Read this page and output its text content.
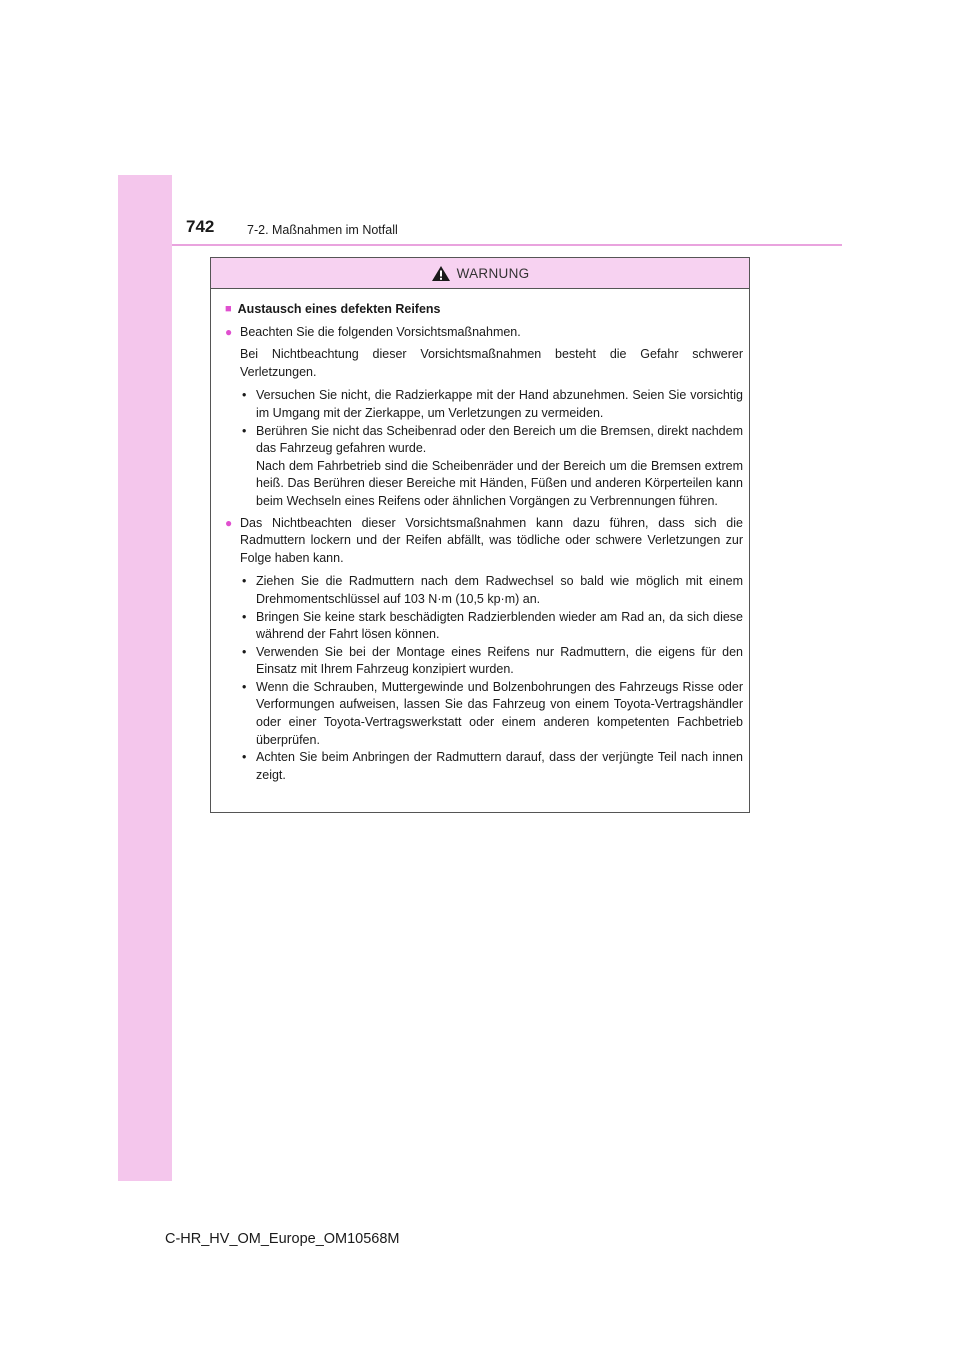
742	7-2. Maßnahmen im Notfall
WARNUNG
■ Austausch eines defekten Reifens
● Beachten Sie die folgenden Vorsichtsmaßnahmen.
Bei Nichtbeachtung dieser Vorsichtsmaßnahmen besteht die Gefahr schwerer Verletzungen.
• Versuchen Sie nicht, die Radzierkappe mit der Hand abzunehmen. Seien Sie vorsichtig im Umgang mit der Zierkappe, um Verletzungen zu vermeiden.
• Berühren Sie nicht das Scheibenrad oder den Bereich um die Bremsen, direkt nachdem das Fahrzeug gefahren wurde.
Nach dem Fahrbetrieb sind die Scheibenräder und der Bereich um die Bremsen extrem heiß. Das Berühren dieser Bereiche mit Händen, Füßen und anderen Körperteilen kann beim Wechseln eines Reifens oder ähnlichen Vorgängen zu Verbrennungen führen.
● Das Nichtbeachten dieser Vorsichtsmaßnahmen kann dazu führen, dass sich die Radmuttern lockern und der Reifen abfällt, was tödliche oder schwere Verletzungen zur Folge haben kann.
• Ziehen Sie die Radmuttern nach dem Radwechsel so bald wie möglich mit einem Drehmomentschlüssel auf 103 N·m (10,5 kp·m) an.
• Bringen Sie keine stark beschädigten Radzierblenden wieder am Rad an, da sich diese während der Fahrt lösen können.
• Verwenden Sie bei der Montage eines Reifens nur Radmuttern, die eigens für den Einsatz mit Ihrem Fahrzeug konzipiert wurden.
• Wenn die Schrauben, Muttergewinde und Bolzenbohrungen des Fahrzeugs Risse oder Verformungen aufweisen, lassen Sie das Fahrzeug von einem Toyota-Vertragshändler oder einer Toyota-Vertragswerkstatt oder einem anderen kompetenten Fachbetrieb überprüfen.
• Achten Sie beim Anbringen der Radmuttern darauf, dass der verjüngte Teil nach innen zeigt.
C-HR_HV_OM_Europe_OM10568M
